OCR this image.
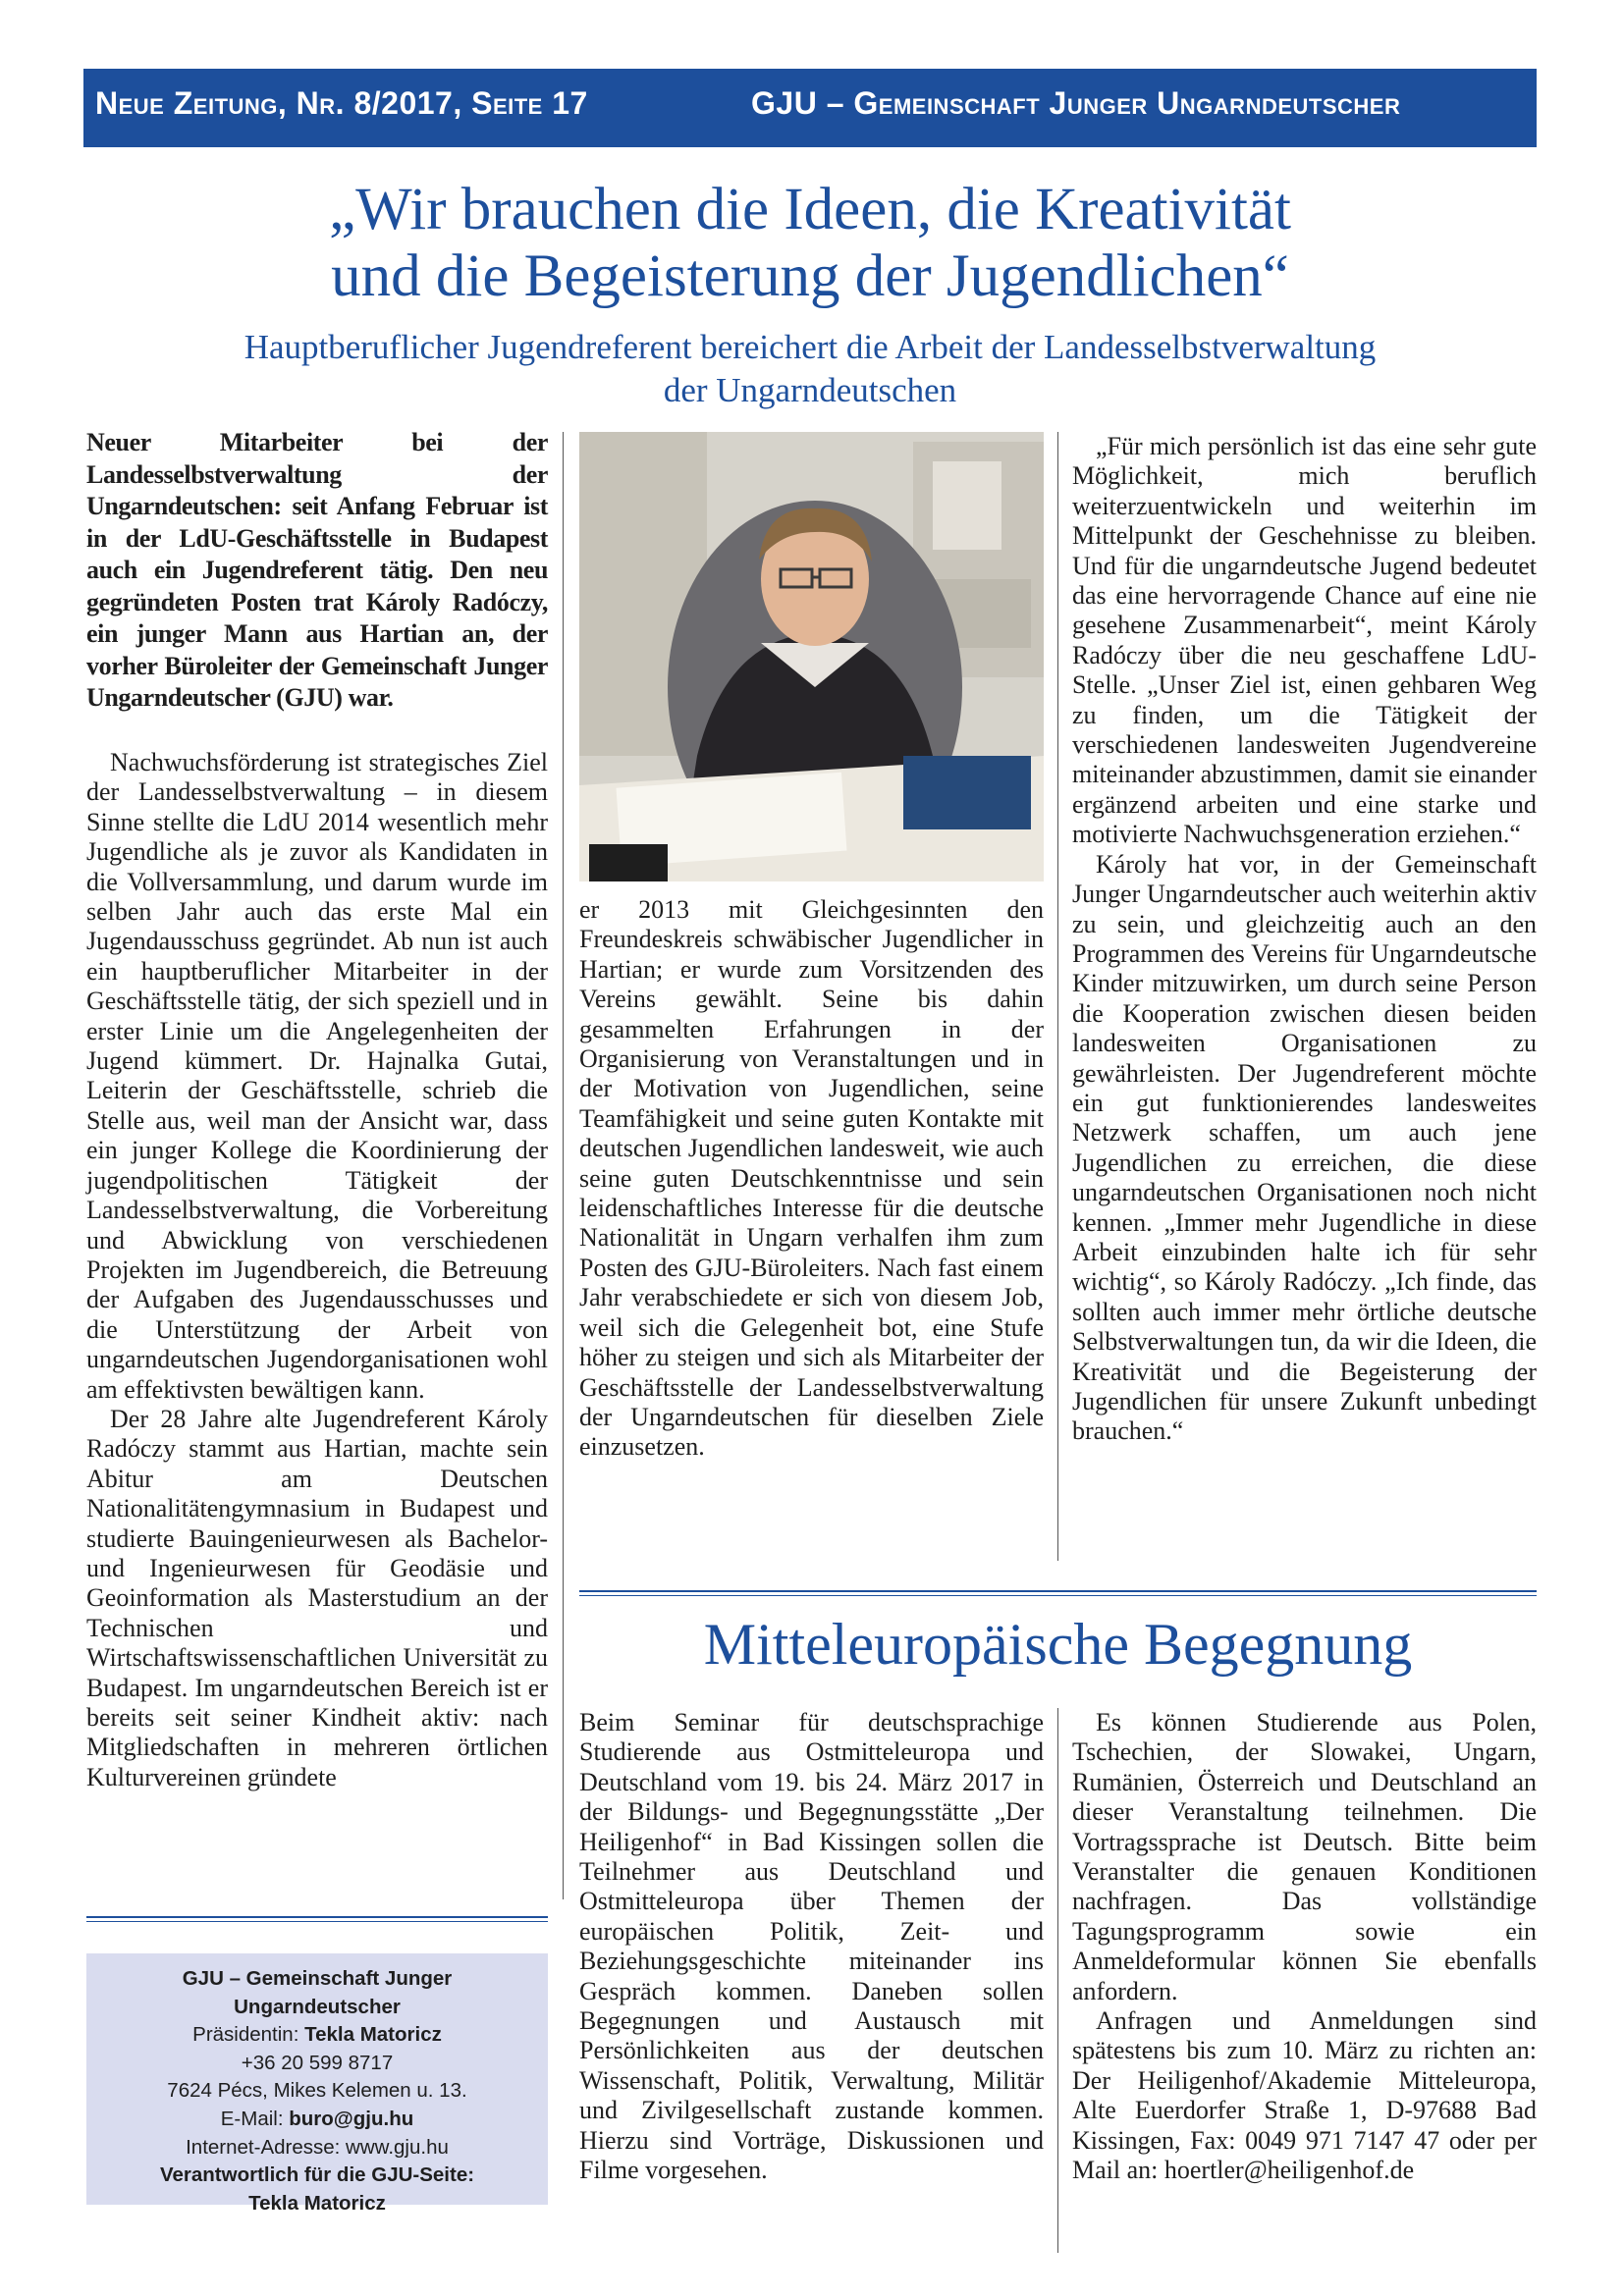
Neue Zeitung, Nr. 8/2017, Seite 17	GJU – Gemeinschaft Junger Ungarndeutscher
„Wir brauchen die Ideen, die Kreativität
und die Begeisterung der Jugendlichen“

Hauptberuflicher Jugendreferent bereichert die Arbeit der Landesselbstverwaltung
der Ungarndeutschen

Neuer Mitarbeiter bei der Landesselbstverwaltung der Ungarndeutschen: seit Anfang Februar ist in der LdU-Geschäftsstelle in Budapest auch ein Jugendreferent tätig. Den neu gegründeten Posten trat Károly Radóczy, ein junger Mann aus Hartian an, der vorher Büroleiter der Gemeinschaft Junger Ungarndeutscher (GJU) war.

Nachwuchsförderung ist strategisches Ziel der Landesselbstverwaltung – in diesem Sinne stellte die LdU 2014 wesentlich mehr Jugendliche als je zuvor als Kandidaten in die Vollversammlung, und darum wurde im selben Jahr auch das erste Mal ein Jugendausschuss gegründet. Ab nun ist auch ein hauptberuflicher Mitarbeiter in der Geschäftsstelle tätig, der sich speziell und in erster Linie um die Angelegenheiten der Jugend kümmert. Dr. Hajnalka Gutai, Leiterin der Geschäftsstelle, schrieb die Stelle aus, weil man der Ansicht war, dass ein junger Kollege die Koordinierung der jugendpolitischen Tätigkeit der Landesselbstverwaltung, die Vorbereitung und Abwicklung von verschiedenen Projekten im Jugendbereich, die Betreuung der Aufgaben des Jugendausschusses und die Unterstützung der Arbeit von ungarndeutschen Jugendorganisationen wohl am effektivsten bewältigen kann.

Der 28 Jahre alte Jugendreferent Károly Radóczy stammt aus Hartian, machte sein Abitur am Deutschen Nationalitätengymnasium in Budapest und studierte Bauingenieurwesen als Bachelor- und Ingenieurwesen für Geodäsie und Geoinformation als Masterstudium an der Technischen und Wirtschaftswissenschaftlichen Universität zu Budapest. Im ungarndeutschen Bereich ist er bereits seit seiner Kindheit aktiv: nach Mitgliedschaften in mehreren örtlichen Kulturvereinen gründete

er 2013 mit Gleichgesinnten den Freundeskreis schwäbischer Jugendlicher in Hartian; er wurde zum Vorsitzenden des Vereins gewählt. Seine bis dahin gesammelten Erfahrungen in der Organisierung von Veranstaltungen und in der Motivation von Jugendlichen, seine Teamfähigkeit und seine guten Kontakte mit deutschen Jugendlichen landesweit, wie auch seine guten Deutschkenntnisse und sein leidenschaftliches Interesse für die deutsche Nationalität in Ungarn verhalfen ihm zum Posten des GJU-Büroleiters. Nach fast einem Jahr verabschiedete er sich von diesem Job, weil sich die Gelegenheit bot, eine Stufe höher zu steigen und sich als Mitarbeiter der Geschäftsstelle der Landesselbstverwaltung der Ungarndeutschen für dieselben Ziele einzusetzen.

„Für mich persönlich ist das eine sehr gute Möglichkeit, mich beruflich weiterzuentwickeln und weiterhin im Mittelpunkt der Geschehnisse zu bleiben. Und für die ungarndeutsche Jugend bedeutet das eine hervorragende Chance auf eine nie gesehene Zusammenarbeit“, meint Károly Radóczy über die neu geschaffene LdU-Stelle. „Unser Ziel ist, einen gehbaren Weg zu finden, um die Tätigkeit der verschiedenen landesweiten Jugendvereine miteinander abzustimmen, damit sie einander ergänzend arbeiten und eine starke und motivierte Nachwuchsgeneration erziehen.“

Károly hat vor, in der Gemeinschaft Junger Ungarndeutscher auch weiterhin aktiv zu sein, und gleichzeitig auch an den Programmen des Vereins für Ungarndeutsche Kinder mitzuwirken, um durch seine Person die Kooperation zwischen diesen beiden landesweiten Organisationen zu gewährleisten. Der Jugendreferent möchte ein gut funktionierendes landesweites Netzwerk schaffen, um auch jene Jugendlichen zu erreichen, die diese ungarndeutschen Organisationen noch nicht kennen. „Immer mehr Jugendliche in diese Arbeit einzubinden halte ich für sehr wichtig“, so Károly Radóczy. „Ich finde, das sollten auch immer mehr örtliche deutsche Selbstverwaltungen tun, da wir die Ideen, die Kreativität und die Begeisterung der Jugendlichen für unsere Zukunft unbedingt brauchen.“

Mitteleuropäische Begegnung

Beim Seminar für deutschsprachige Studierende aus Ostmitteleuropa und Deutschland vom 19. bis 24. März 2017 in der Bildungs- und Begegnungsstätte „Der Heiligenhof“ in Bad Kissingen sollen die Teilnehmer aus Deutschland und Ostmitteleuropa über Themen der europäischen Politik, Zeit- und Beziehungsgeschichte miteinander ins Gespräch kommen. Daneben sollen Begegnungen und Austausch mit Persönlichkeiten aus der deutschen Wissenschaft, Politik, Verwaltung, Militär und Zivilgesellschaft zustande kommen. Hierzu sind Vorträge, Diskussionen und Filme vorgesehen.

Es können Studierende aus Polen, Tschechien, der Slowakei, Ungarn, Rumänien, Österreich und Deutschland an dieser Veranstaltung teilnehmen. Die Vortragssprache ist Deutsch. Bitte beim Veranstalter die genauen Konditionen nachfragen. Das vollständige Tagungsprogramm sowie ein Anmeldeformular können Sie ebenfalls anfordern.

Anfragen und Anmeldungen sind spätestens bis zum 10. März zu richten an: Der Heiligenhof/Akademie Mitteleuropa, Alte Euerdorfer Straße 1, D-97688 Bad Kissingen, Fax: 0049 971 7147 47 oder per Mail an: hoertler@heiligenhof.de

GJU – Gemeinschaft Junger
Ungarndeutscher
Präsidentin: Tekla Matoricz
+36 20 599 8717
7624 Pécs, Mikes Kelemen u. 13.
E-Mail: buro@gju.hu
Internet-Adresse: www.gju.hu
Verantwortlich für die GJU-Seite:
Tekla Matoricz
